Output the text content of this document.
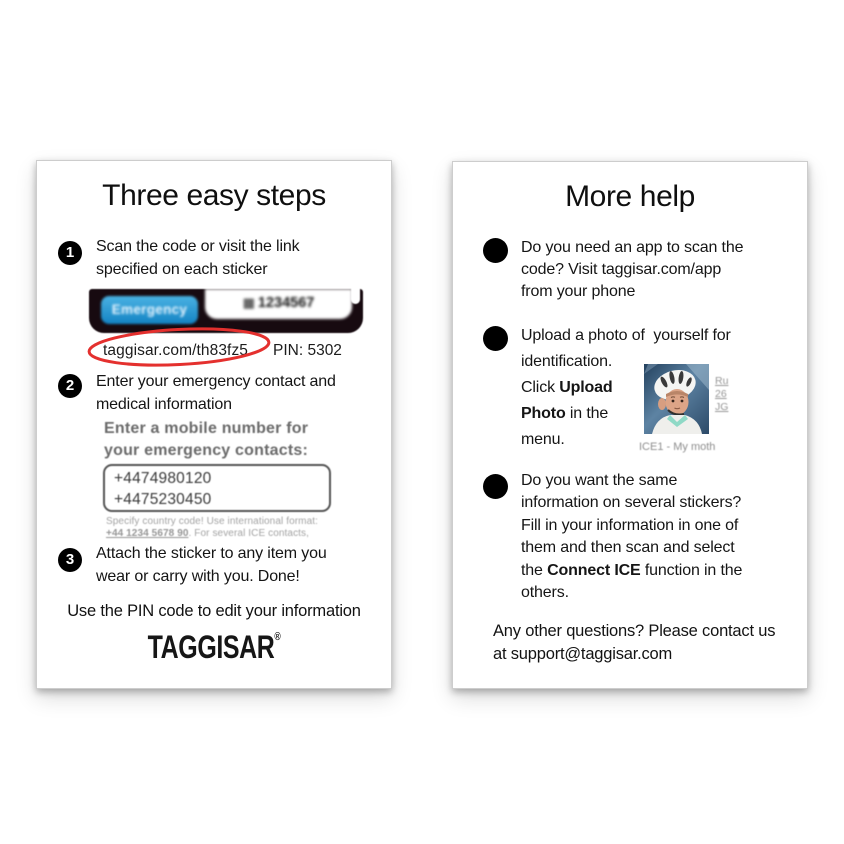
Three easy steps
1	Scan the code or visit the link
specified on each sticker
Emergency	▦ 1234567
taggisar.com/th83fz5 PIN: 5302
2	Enter your emergency contact and
medical information
Enter a mobile number for
your emergency contacts:
+4474980120
+4475230450
Specify country code! Use international format:
+44 1234 5678 90. For several ICE contacts,
3	Attach the sticker to any item you
wear or carry with you. Done!
Use the PIN code to edit your information
TAGGISAR®
More help
Do you need an app to scan the
code? Visit taggisar.com/app
from your phone
Upload a photo of  yourself for
identification.
Click Upload
Photo in the
menu.	ICE1 - My moth
Ru
26
JG
Do you want the same
information on several stickers?
Fill in your information in one of
them and then scan and select
the Connect ICE function in the
others.
Any other questions? Please contact us
at support@taggisar.com
